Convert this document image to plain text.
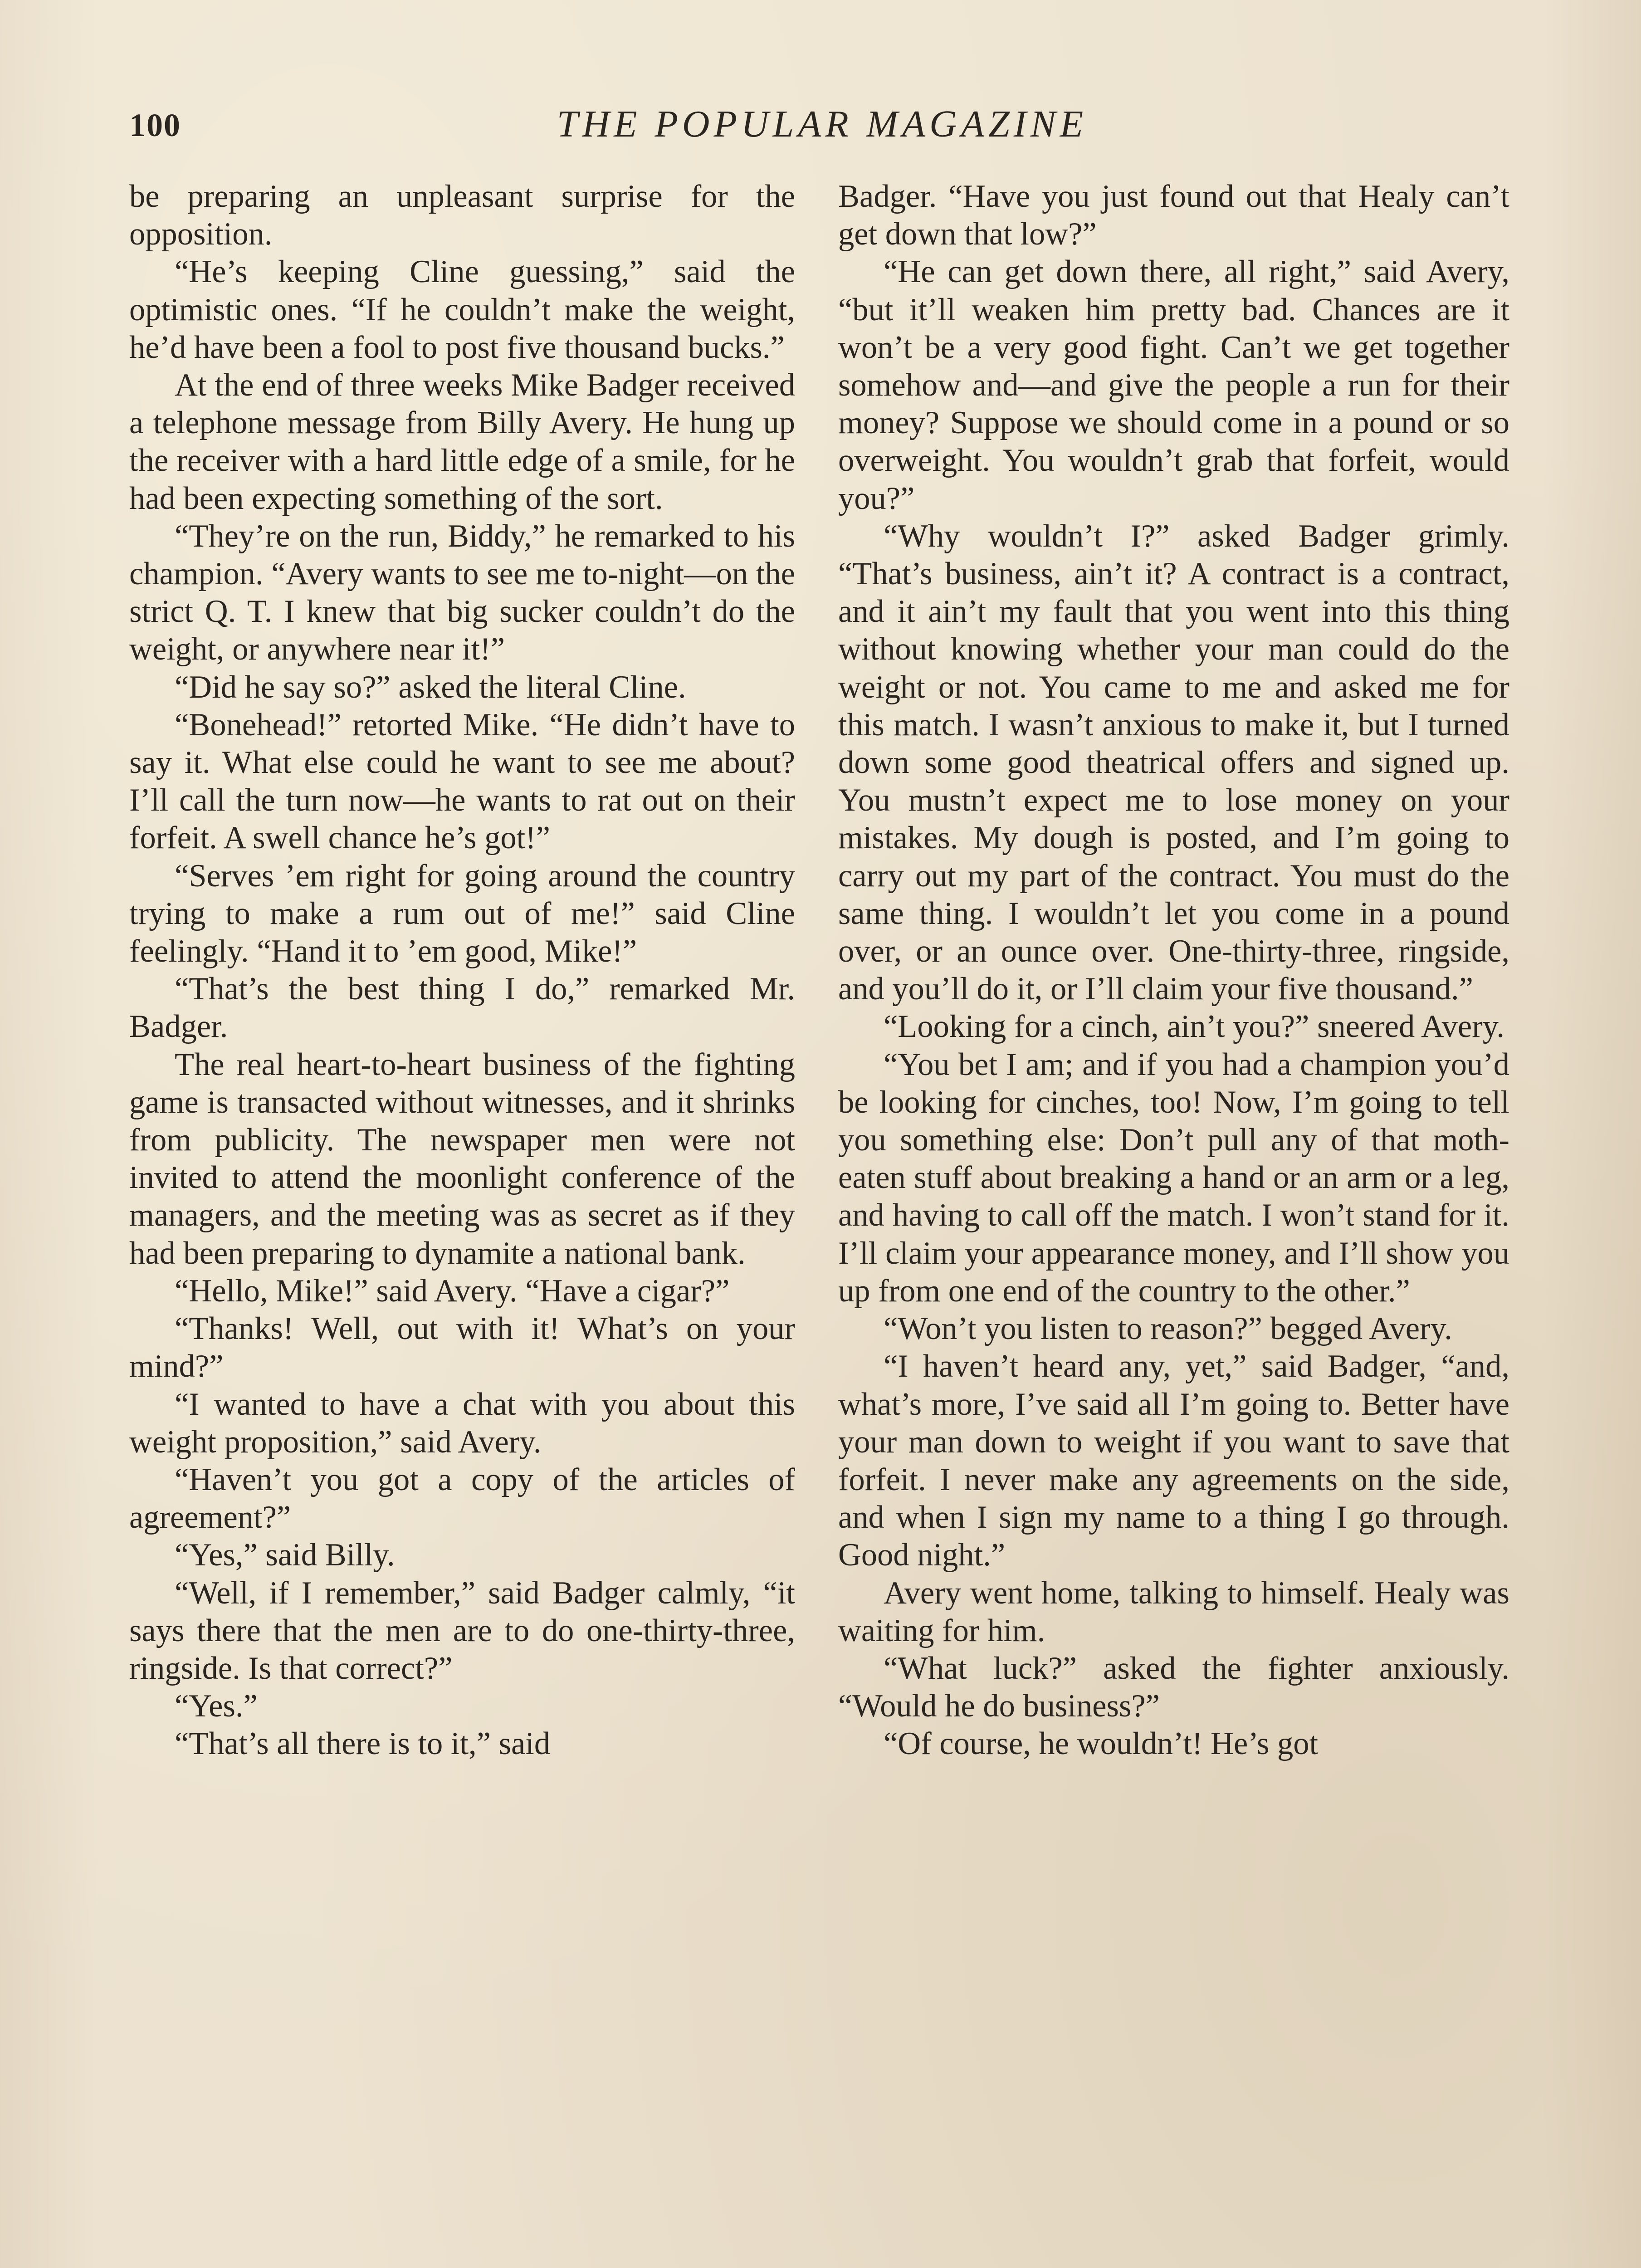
100	THE POPULAR MAGAZINE

be preparing an unpleasant surprise for the opposition.

“He’s keeping Cline guessing,” said the optimistic ones. “If he couldn’t make the weight, he’d have been a fool to post five thousand bucks.”

At the end of three weeks Mike Badger received a telephone message from Billy Avery. He hung up the receiver with a hard little edge of a smile, for he had been expecting something of the sort.

“They’re on the run, Biddy,” he remarked to his champion. “Avery wants to see me to-night—on the strict Q. T. I knew that big sucker couldn’t do the weight, or anywhere near it!”

“Did he say so?” asked the literal Cline.

“Bonehead!” retorted Mike. “He didn’t have to say it. What else could he want to see me about? I’ll call the turn now—he wants to rat out on their forfeit. A swell chance he’s got!”

“Serves ’em right for going around the country trying to make a rum out of me!” said Cline feelingly. “Hand it to ’em good, Mike!”

“That’s the best thing I do,” remarked Mr. Badger.

The real heart-to-heart business of the fighting game is transacted without witnesses, and it shrinks from publicity. The newspaper men were not invited to attend the moonlight conference of the managers, and the meeting was as secret as if they had been preparing to dynamite a national bank.

“Hello, Mike!” said Avery. “Have a cigar?”

“Thanks! Well, out with it! What’s on your mind?”

“I wanted to have a chat with you about this weight proposition,” said Avery.

“Haven’t you got a copy of the articles of agreement?”

“Yes,” said Billy.

“Well, if I remember,” said Badger calmly, “it says there that the men are to do one-thirty-three, ringside. Is that correct?”

“Yes.”

“That’s all there is to it,” said

Badger. “Have you just found out that Healy can’t get down that low?”

“He can get down there, all right,” said Avery, “but it’ll weaken him pretty bad. Chances are it won’t be a very good fight. Can’t we get together somehow and—and give the people a run for their money? Suppose we should come in a pound or so overweight. You wouldn’t grab that forfeit, would you?”

“Why wouldn’t I?” asked Badger grimly. “That’s business, ain’t it? A contract is a contract, and it ain’t my fault that you went into this thing without knowing whether your man could do the weight or not. You came to me and asked me for this match. I wasn’t anxious to make it, but I turned down some good theatrical offers and signed up. You mustn’t expect me to lose money on your mistakes. My dough is posted, and I’m going to carry out my part of the contract. You must do the same thing. I wouldn’t let you come in a pound over, or an ounce over. One-thirty-three, ringside, and you’ll do it, or I’ll claim your five thousand.”

“Looking for a cinch, ain’t you?” sneered Avery.

“You bet I am; and if you had a champion you’d be looking for cinches, too! Now, I’m going to tell you something else: Don’t pull any of that moth-eaten stuff about breaking a hand or an arm or a leg, and having to call off the match. I won’t stand for it. I’ll claim your appearance money, and I’ll show you up from one end of the country to the other.”

“Won’t you listen to reason?” begged Avery.

“I haven’t heard any, yet,” said Badger, “and, what’s more, I’ve said all I’m going to. Better have your man down to weight if you want to save that forfeit. I never make any agreements on the side, and when I sign my name to a thing I go through. Good night.”

Avery went home, talking to himself. Healy was waiting for him.

“What luck?” asked the fighter anxiously. “Would he do business?”

“Of course, he wouldn’t! He’s got
